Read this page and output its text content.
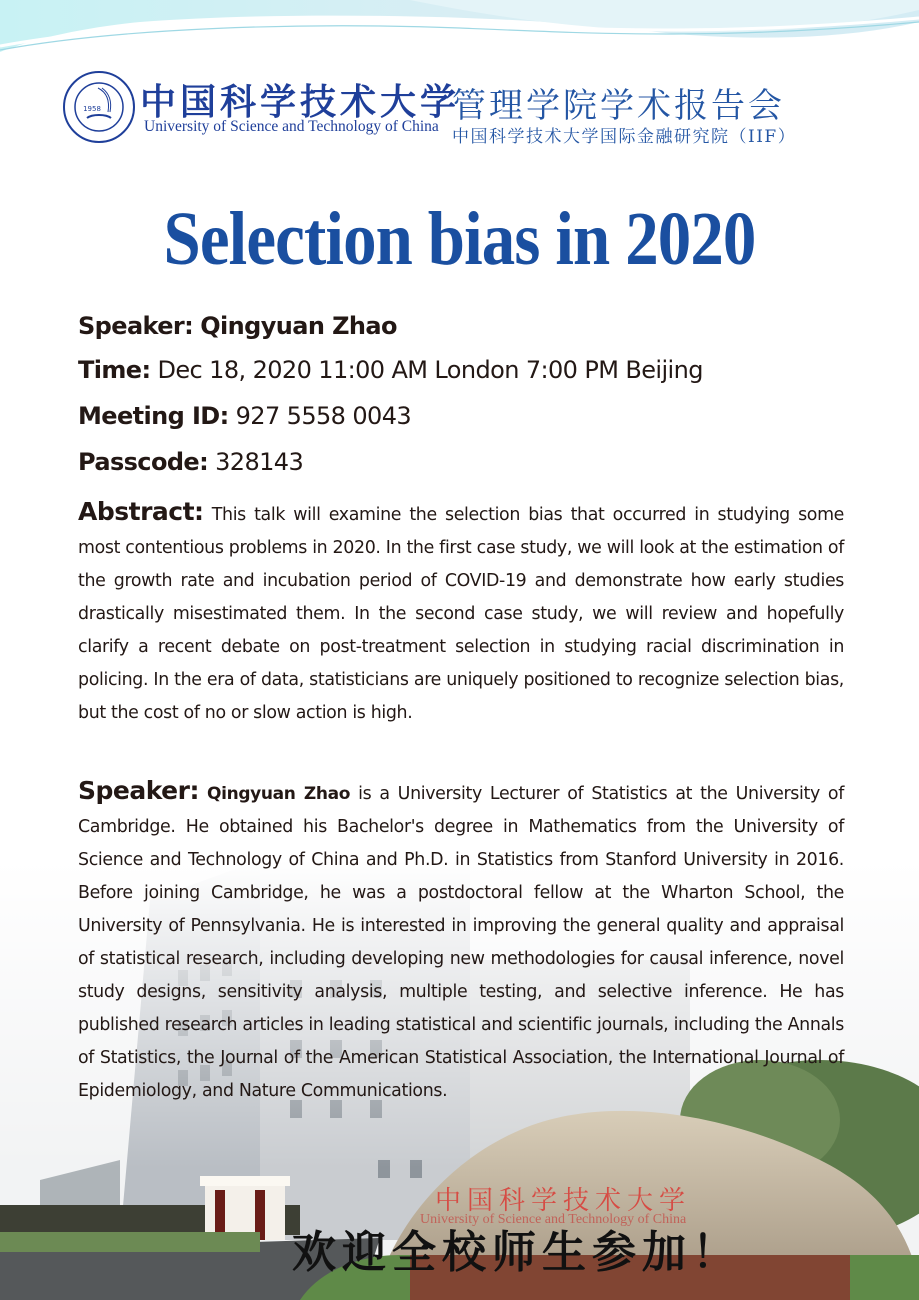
1958 中国科学技术大学
University of Science and Technology of China
管理学院学术报告会
中国科学技术大学国际金融研究院（IIF）
Selection bias in 2020
Speaker: Qingyuan Zhao
Time: Dec 18, 2020 11:00 AM London 7:00 PM Beijing
Meeting ID: 927 5558 0043
Passcode: 328143
Abstract: This talk will examine the selection bias that occurred in studying some most contentious problems in 2020. In the first case study, we will look at the estimation of the growth rate and incubation period of COVID-19 and demonstrate how early studies drastically misestimated them. In the second case study, we will review and hopefully clarify a recent debate on post-treatment selection in studying racial discrimination in policing. In the era of data, statisticians are uniquely positioned to recognize selection bias, but the cost of no or slow action is high.
Speaker: Qingyuan Zhao is a University Lecturer of Statistics at the University of Cambridge. He obtained his Bachelor's degree in Mathematics from the University of Science and Technology of China and Ph.D. in Statistics from Stanford University in 2016. Before joining Cambridge, he was a postdoctoral fellow at the Wharton School, the University of Pennsylvania. He is interested in improving the general quality and appraisal of statistical research, including developing new methodologies for causal inference, novel study designs, sensitivity analysis, multiple testing, and selective inference. He has published research articles in leading statistical and scientific journals, including the Annals of Statistics, the Journal of the American Statistical Association, the International Journal of Epidemiology, and Nature Communications.
中国科学技术大学
University of Science and Technology of China
欢迎全校师生参加！
